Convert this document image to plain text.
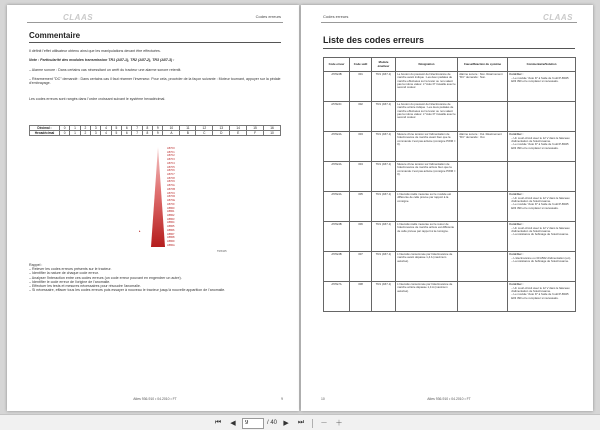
CLAAS	Codes erreurs
Commentaire
Il définit l'effet utilisateur obtenu ainsi que les manipulations devant être effectuées.
Note : Particularité des modules transmission TR1 (A57-1), TR2 (A57-2), TR3 (A57-3) :
– Alarme sonore : Dans certains cas nécessitant un arrêt du tracteur une alarme sonore retentit.
– Réarmement "DC" demandé : Dans certains cas il faut réarmer l'inverseur. Pour cela, procéder de la façon suivante : Moteur tournant, appuyer sur la pédale d'embrayage.
Les codes erreurs sont rangés dans l'ordre croissant suivant le système hexadécimal.
Décimal :	0	1	2	3	4	5	6	7	8	9	10	11	12	13	14	15	16
Hexadécimal	0	1	2	3	4	5	6	7	8	9	A	B	C	D	E	F	10
A57F0
A57F1
A57F2
A57F3
A57F4
A57F5
A57F6
A57F7
A57F8
A57F9
A57FA
A57FB
A57FC
A57FD
A57FE
A57FF
A5800
A5801
A5802
A5803
A5804
A5805
A5806
A5807
A5808
A5809
A580A
▸
TRX105
Rappel :
– Relever les codes erreurs présents sur le tracteur.
– Identifier la nature de chaque code erreur.
– Analyser l'interaction entre ces codes erreurs (un code erreur pouvant en engendrer un autre).
– Identifier le code erreur de l'origine de l'anomalie.
– Effectuer les tests et mesures nécessaires pour résoudre l'anomalie.
– Si nécessaire, effacer tous les codes erreurs puis essayer à nouveau le tracteur jusqu'à nouvelle apparition de l'anomalie.
Atles 936-910 • 04.2010 • FT	9
Codes erreurs	CLAAS
Liste des codes erreurs
Code erreur	Code sattl	Module émetteur	Désignation	Cause/Réaction du système	Commentaire/Solution
A57E3B	301	TR1 (A57-1)	Le bouton du poussoir de l'électrovanne de marche avant indique : Les deux pédales de marche effectuées sur le levier ou non-valent pas la même valeur. L'"Auto D" travaille avec le second codeur.	Alarme sonore : Non. Réarmement "DC" demandé : Non.	Contrôler :
– Le module "Auto D" à l'aide de l'outil P-B045 E03 390 et le remplacer si nécessaire.

A57E3C	302	TR1 (A57-1)	Le bouton du poussoir de l'électrovanne de marche arrière indique : Les deux pédales de marche effectuées sur le levier ou non-valent pas la même valeur. L'"Auto D" travaille avec le second codeur.		

A57E3A	303	TR1 (A57-1)	Mesure d'une tension sur l'alimentation de l'électrovanne de marche avant bien que la commande n'est pas activée (consigne PWM = 0).	Alarme sonore : Oui. Réarmement "DC" demandé : Oui.	Contrôler :
– Un court-circuit avec le 12 V dans le faisceau d'alimentation de l'électrovanne.
– Le module "Auto D" à l'aide de l'outil P-B045 E03 390 et le remplacer si nécessaire.

A57E3A	304	TR1 (A57-1)	Mesure d'une tension sur l'alimentation de l'électrovanne de marche arrière bien que la commande n'est pas activée (consigne PWM = 0).		

A57E3A	305	TR1 (A57-1)	L'intensité réelle mesurée sur le module est différente de celle prévue par rapport à la consigne.		Contrôler :
– Un court-circuit avec le 12 V dans le faisceau d'alimentation de l'électrovanne.
– Le module "Auto D" à l'aide de l'outil P-B045 E03 390 et le remplacer si nécessaire.

A57E3B	306	TR1 (A57-1)	L'intensité réelle mesurée sur le retour de l'électrovanne de marche arrière est différente de celle prévue par rapport à la consigne.		Contrôler :
– Un court-circuit avec le 12 V dans le faisceau d'alimentation de l'électrovanne.
– La résistance du bobinage de l'électrovanne.

A57E3B	307	TR1 (A57-1)	L'intensité consommée par l'électrovanne de marche avant dépasse 1,4 A (maximum autorisé).		Contrôler :
– L'électrovanne ou 30 A562 d'alimentation (en).
– La résistance du bobinage de l'électrovanne.

A57E7A	308	TR1 (A57-1)	L'intensité consommée par l'électrovanne de marche arrière dépasse 1,4 A (maximum autorisé).		Contrôler :
– Un court-circuit avec le 12 V dans le faisceau d'alimentation de l'électrovanne.
– Le module "Auto D" à l'aide de l'outil P-B045 E03 390 et le remplacer si nécessaire.
10	Atles 936-910 • 04.2010 • FT
⏮	◀
9	/ 40 ▶	⏭	－	＋
